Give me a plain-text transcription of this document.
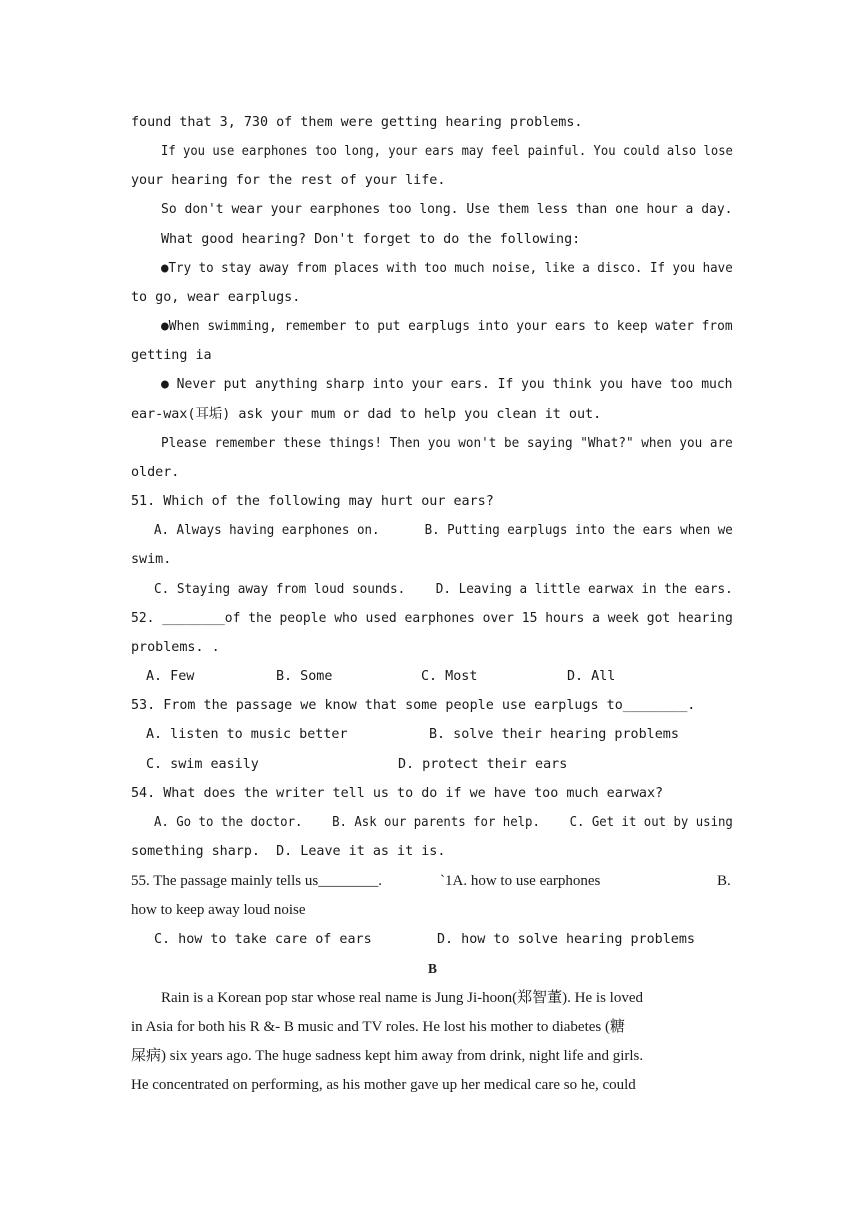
found that 3, 730 of them were getting hearing problems.
If you use earphones too long, your ears may feel painful. You could also lose
your hearing for the rest of your life.
So don't wear your earphones too long. Use them less than one hour a day.
What good hearing? Don't forget to do the following:
●Try to stay away from places with too much noise, like a disco. If you have
to go, wear earplugs.
●When swimming, remember to put earplugs into your ears to keep water from
getting ia
● Never put anything sharp into your ears. If you think you have too much
ear-wax(耳垢) ask your mum or dad to help you clean it out.
Please remember these things! Then you won't be saying "What?" when you are
older.
51. Which of the following may hurt our ears?
A. Always having earphones on.      B. Putting earplugs into the ears when we
swim.
C. Staying away from loud sounds.    D. Leaving a little earwax in the ears.
52. ________of the people who used earphones over 15 hours a week got hearing
problems. .
A. Few	B. Some	C. Most	D. All
53. From the passage we know that some people use earplugs to________.
A. listen to music better	B. solve their hearing problems
C. swim easily	D. protect their ears
54. What does the writer tell us to do if we have too much earwax?
A. Go to the doctor.    B. Ask our parents for help.    C. Get it out by using
something sharp.  D. Leave it as it is.
55. The passage mainly tells us________.	`1A. how to use earphones	B.
how to keep away loud noise
C. how to take care of ears	D. how to solve hearing problems
B
Rain is a Korean pop star whose real name is Jung Ji-hoon(郑智董). He is loved
in Asia for both his R &- B music and TV roles. He lost his mother to diabetes (糖
屎病) six years ago. The huge sadness kept him away from drink, night life and girls.
He concentrated on performing, as his mother gave up her medical care so he, could
